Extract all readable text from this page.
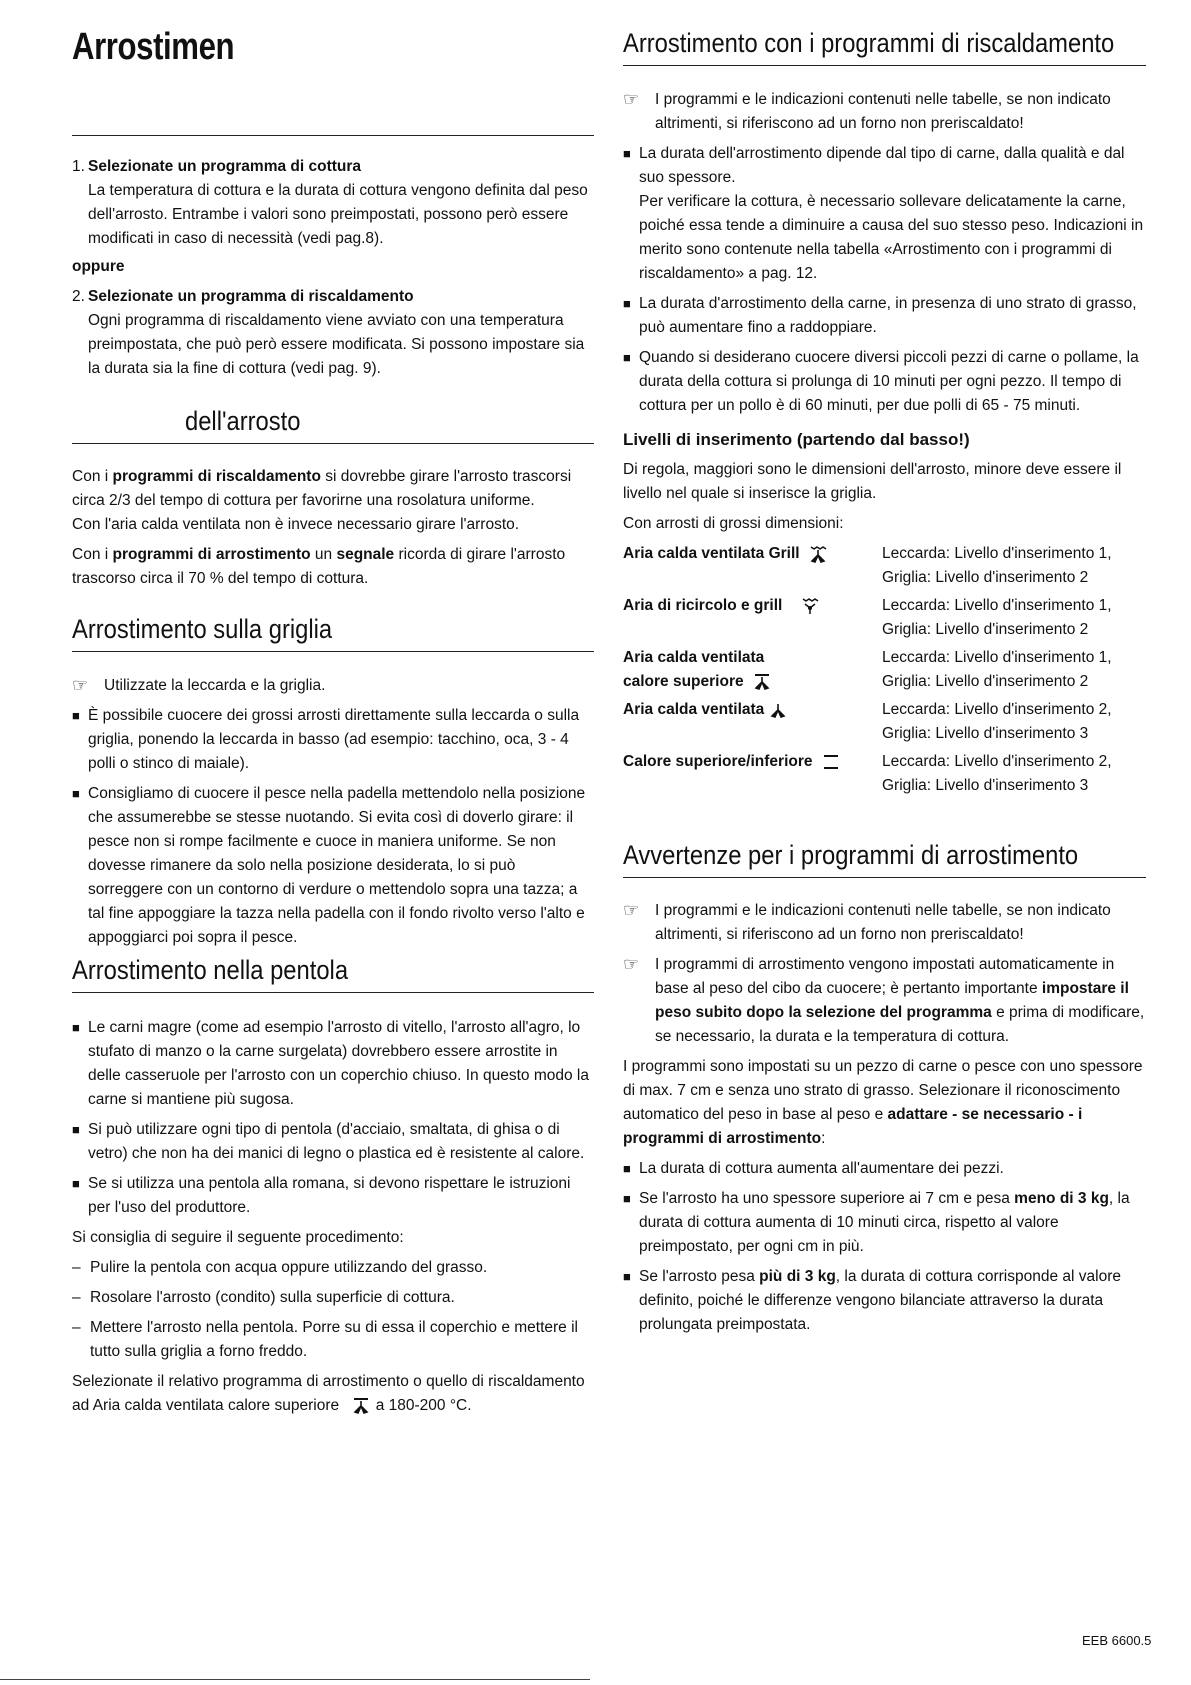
Arrostimen
1. Selezionate un programma di cottura
La temperatura di cottura e la durata di cottura vengono definita dal peso dell'arrosto. Entrambe i valori sono preimpostati, possono però essere modificati in caso di necessità (vedi pag.8).

oppure

2. Selezionate un programma di riscaldamento
Ogni programma di riscaldamento viene avviato con una temperatura preimpostata, che può però essere modificata. Si possono impostare sia la durata sia la fine di cottura (vedi pag. 9).
dell'arrosto

Con i programmi di riscaldamento si dovrebbe girare l'arrosto trascorsi circa 2/3 del tempo di cottura per favorirne una rosolatura uniforme.
Con l'aria calda ventilata non è invece necessario girare l'arrosto.

Con i programmi di arrostimento un segnale ricorda di girare l'arrosto trascorso circa il 70 % del tempo di cottura.

Arrostimento sulla griglia
☞ Utilizzate la leccarda e la griglia.
■ È possibile cuocere dei grossi arrosti direttamente sulla leccarda o sulla griglia, ponendo la leccarda in basso (ad esempio: tacchino, oca, 3 - 4 polli o stinco di maiale).
■ Consigliamo di cuocere il pesce nella padella mettendolo nella posizione che assumerebbe se stesse nuotando. Si evita così di doverlo girare: il pesce non si rompe facilmente e cuoce in maniera uniforme. Se non dovesse rimanere da solo nella posizione desiderata, lo si può sorreggere con un contorno di verdure o mettendolo sopra una tazza; a tal fine appoggiare la tazza nella padella con il fondo rivolto verso l'alto e appoggiarci poi sopra il pesce.
Arrostimento nella pentola
■ Le carni magre (come ad esempio l'arrosto di vitello, l'arrosto all'agro, lo stufato di manzo o la carne surgelata) dovrebbero essere arrostite in delle casseruole per l'arrosto con un coperchio chiuso. In questo modo la carne si mantiene più sugosa.
■ Si può utilizzare ogni tipo di pentola (d'acciaio, smaltata, di ghisa o di vetro) che non ha dei manici di legno o plastica ed è resistente al calore.
■ Se si utilizza una pentola alla romana, si devono rispettare le istruzioni per l'uso del produttore.

Si consiglia di seguire il seguente procedimento:

– Pulire la pentola con acqua oppure utilizzando del grasso.
– Rosolare l'arrosto (condito) sulla superficie di cottura.
– Mettere l'arrosto nella pentola. Porre su di essa il coperchio e mettere il tutto sulla griglia a forno freddo.

Selezionate il relativo programma di arrostimento o quello di riscaldamento ad Aria calda ventilata calore superiore a 180-200 °C.

Arrostimento con i programmi di riscaldamento
☞ I programmi e le indicazioni contenuti nelle tabelle, se non indicato altrimenti, si riferiscono ad un forno non preriscaldato!
■ La durata dell'arrostimento dipende dal tipo di carne, dalla qualità e dal suo spessore.
Per verificare la cottura, è necessario sollevare delicatamente la carne, poiché essa tende a diminuire a causa del suo stesso peso. Indicazioni in merito sono contenute nella tabella «Arrostimento con i programmi di riscaldamento» a pag. 12.
■ La durata d'arrostimento della carne, in presenza di uno strato di grasso, può aumentare fino a raddoppiare.
■ Quando si desiderano cuocere diversi piccoli pezzi di carne o pollame, la durata della cottura si prolunga di 10 minuti per ogni pezzo. Il tempo di cottura per un pollo è di 60 minuti, per due polli di 65 - 75 minuti.
Livelli di inserimento (partendo dal basso!)

Di regola, maggiori sono le dimensioni dell'arrosto, minore deve essere il livello nel quale si inserisce la griglia.

Con arrosti di grossi dimensioni:

Aria calda ventilata Grill	Leccarda: Livello d'inserimento 1,
Griglia: Livello d'inserimento 2

Aria di ricircolo e grill	Leccarda: Livello d'inserimento 1,
Griglia: Livello d'inserimento 2

Aria calda ventilata
calore superiore	Leccarda: Livello d'inserimento 1,
Griglia: Livello d'inserimento 2

Aria calda ventilata	Leccarda: Livello d'inserimento 2,
Griglia: Livello d'inserimento 3

Calore superiore/inferiore	Leccarda: Livello d'inserimento 2,
Griglia: Livello d'inserimento 3
Avvertenze per i programmi di arrostimento
☞ I programmi e le indicazioni contenuti nelle tabelle, se non indicato altrimenti, si riferiscono ad un forno non preriscaldato!
☞ I programmi di arrostimento vengono impostati automaticamente in base al peso del cibo da cuocere; è pertanto importante impostare il peso subito dopo la selezione del programma e prima di modificare, se necessario, la durata e la temperatura di cottura.

I programmi sono impostati su un pezzo di carne o pesce con uno spessore di max. 7 cm e senza uno strato di grasso. Selezionare il riconoscimento automatico del peso in base al peso e adattare - se necessario - i programmi di arrostimento:

■ La durata di cottura aumenta all'aumentare dei pezzi.
■ Se l'arrosto ha uno spessore superiore ai 7 cm e pesa meno di 3 kg, la durata di cottura aumenta di 10 minuti circa, rispetto al valore preimpostato, per ogni cm in più.
■ Se l'arrosto pesa più di 3 kg, la durata di cottura corrisponde al valore definito, poiché le differenze vengono bilanciate attraverso la durata prolungata preimpostata.
EEB 6600.5
